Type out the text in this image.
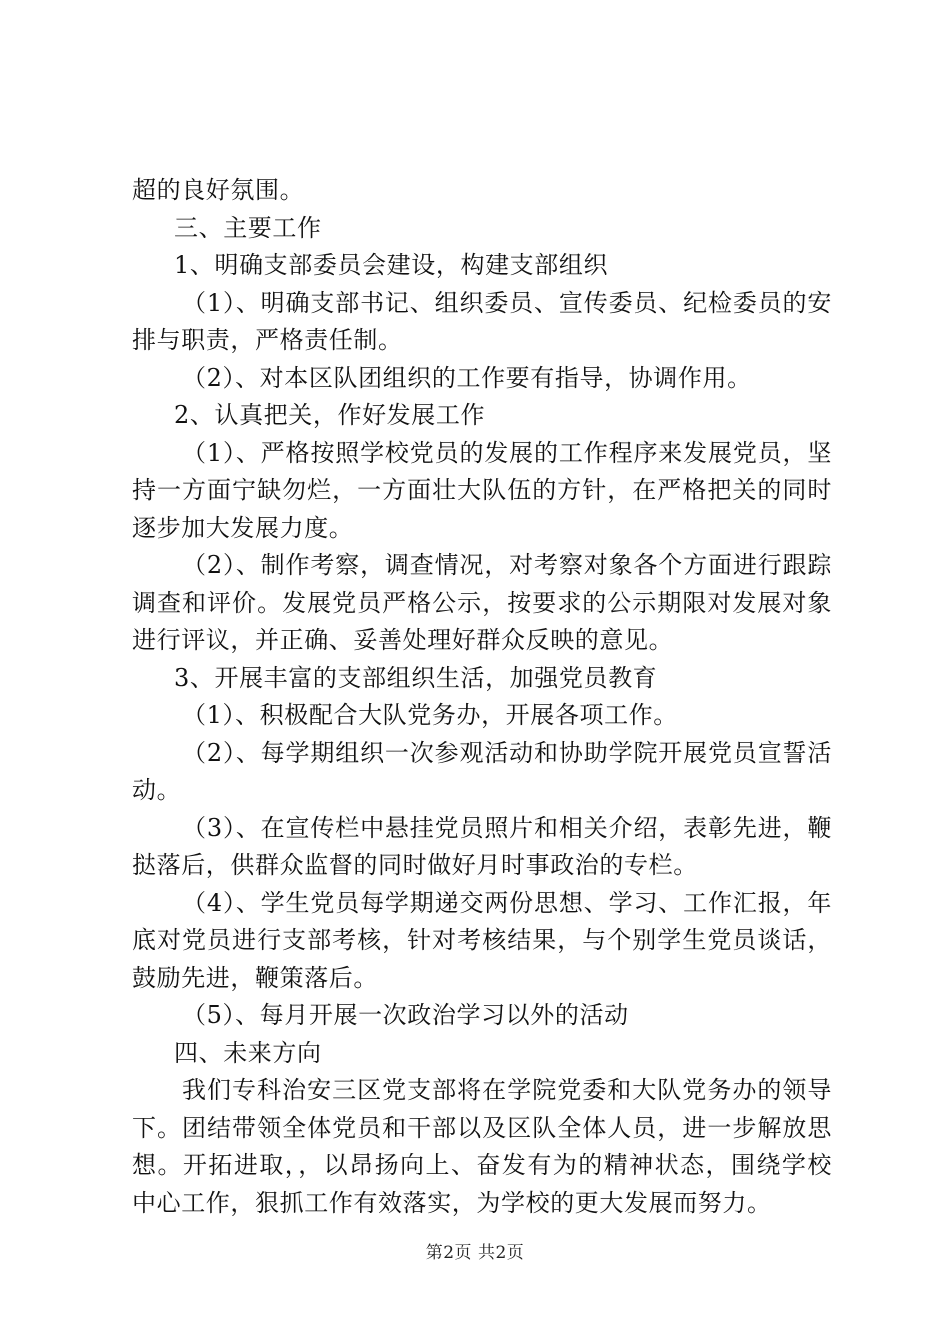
超的良好氛围。

三、主要工作

1、明确支部委员会建设，构建支部组织

（1）、明确支部书记、组织委员、宣传委员、纪检委员的安排与职责，严格责任制。

（2）、对本区队团组织的工作要有指导，协调作用。

2、认真把关，作好发展工作

（1）、严格按照学校党员的发展的工作程序来发展党员，坚持一方面宁缺勿烂，一方面壮大队伍的方针，在严格把关的同时逐步加大发展力度。

（2）、制作考察，调查情况，对考察对象各个方面进行跟踪调查和评价。发展党员严格公示，按要求的公示期限对发展对象进行评议，并正确、妥善处理好群众反映的意见。

3、开展丰富的支部组织生活，加强党员教育

（1）、积极配合大队党务办，开展各项工作。

（2）、每学期组织一次参观活动和协助学院开展党员宣誓活动。

（3）、在宣传栏中悬挂党员照片和相关介绍，表彰先进，鞭挞落后，供群众监督的同时做好月时事政治的专栏。

（4）、学生党员每学期递交两份思想、学习、工作汇报，年底对党员进行支部考核，针对考核结果，与个别学生党员谈话，鼓励先进，鞭策落后。

（5）、每月开展一次政治学习以外的活动

四、未来方向

我们专科治安三区党支部将在学院党委和大队党务办的领导下。团结带领全体党员和干部以及区队全体人员，进一步解放思想。开拓进取，，以昂扬向上、奋发有为的精神状态，围绕学校中心工作，狠抓工作有效落实，为学校的更大发展而努力。

第2页 共2页
